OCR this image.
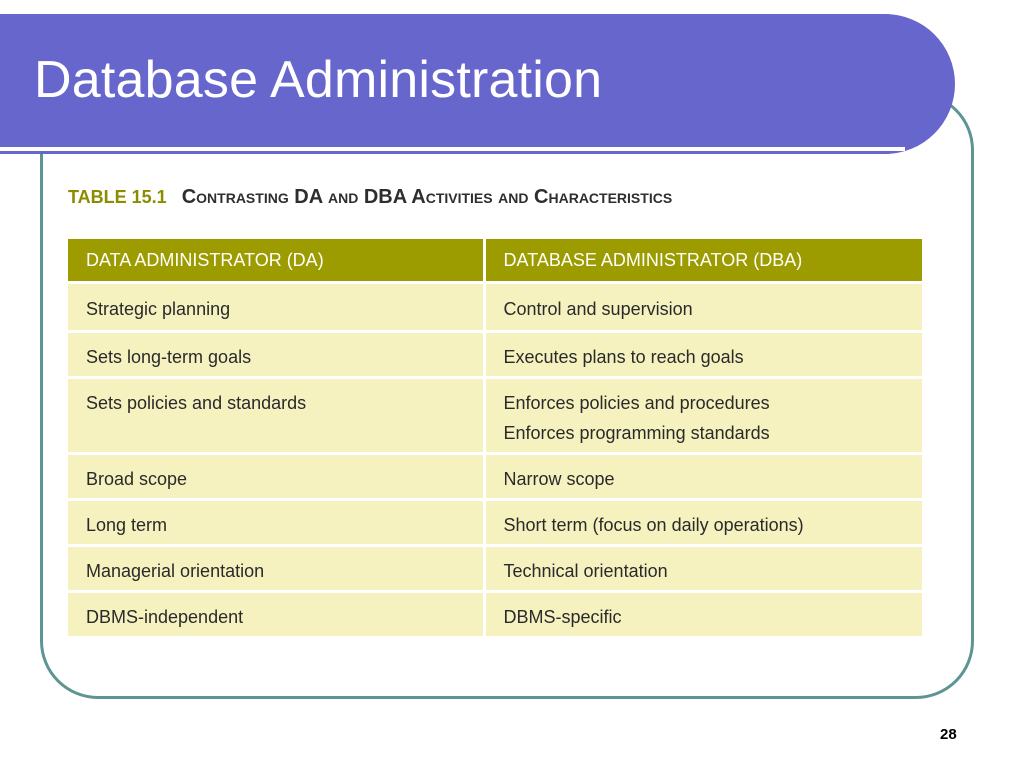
Database Administration

TABLE 15.1 Contrasting DA and DBA Activities and Characteristics

DATA ADMINISTRATOR (DA)	DATABASE ADMINISTRATOR (DBA)
Strategic planning	Control and supervision

Sets long-term goals	Executes plans to reach goals

Sets policies and standards	Enforces policies and procedures
Enforces programming standards

Broad scope	Narrow scope

Long term	Short term (focus on daily operations)

Managerial orientation	Technical orientation

DBMS-independent	DBMS-specific

28
